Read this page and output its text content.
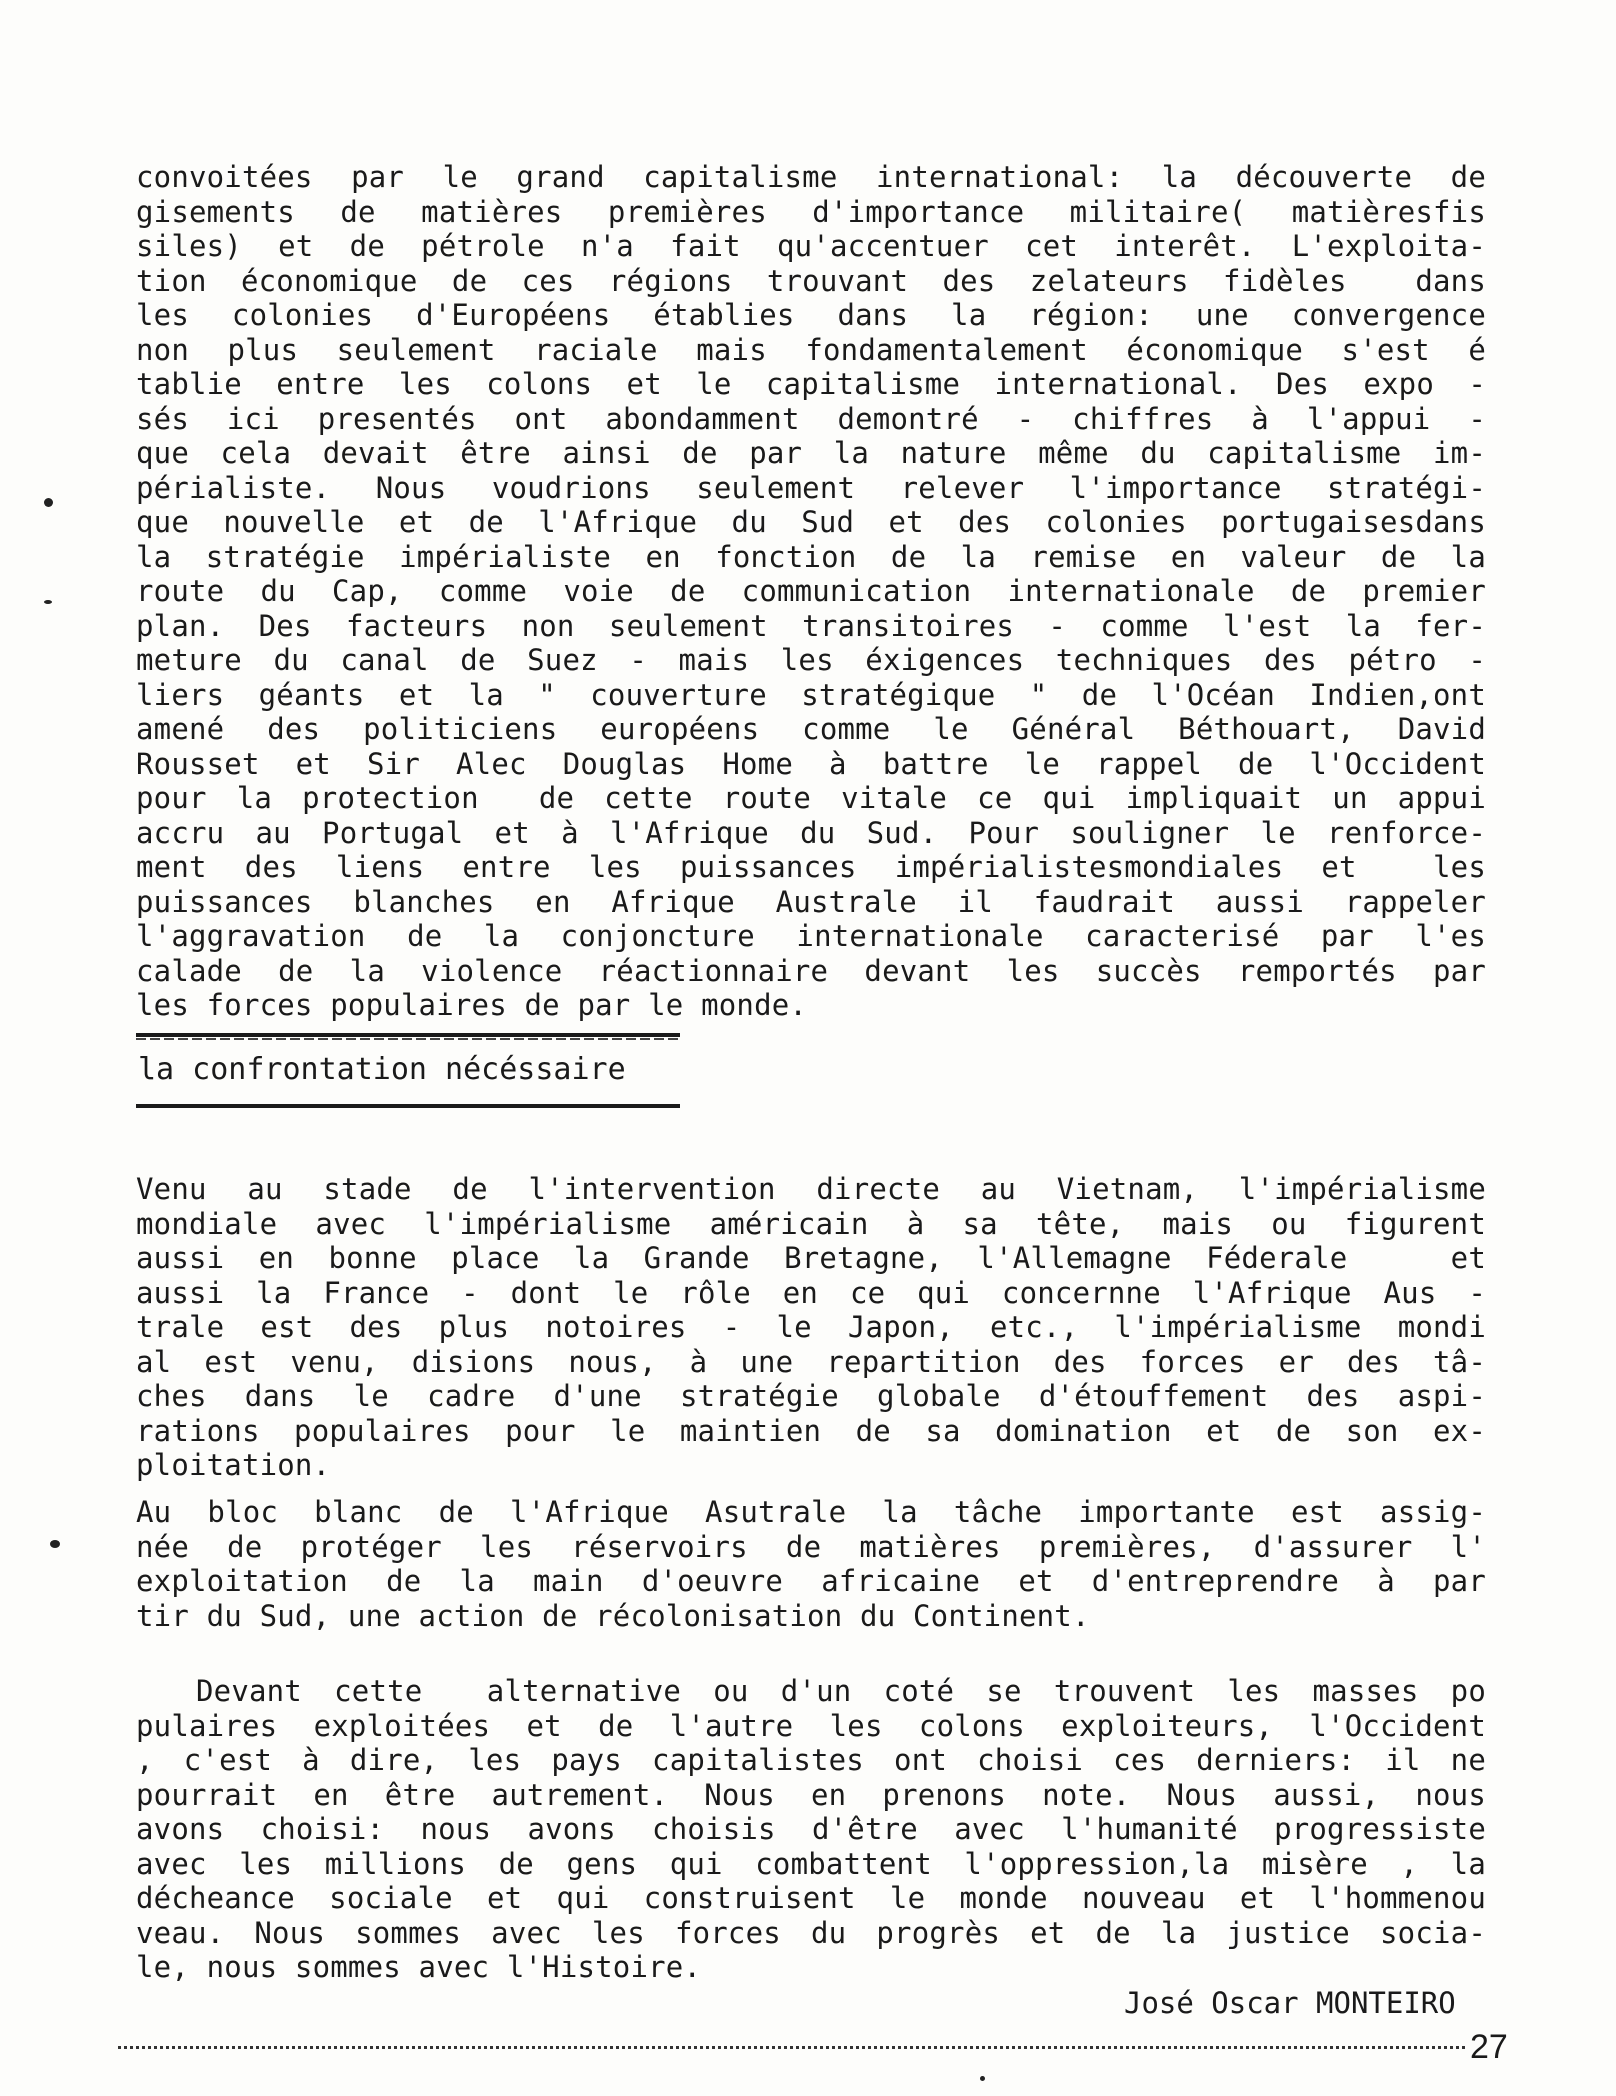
convoitées par le grand capitalisme international: la découverte de
gisements de matières premières d'importance militaire( matièresfis
siles) et de pétrole n'a fait qu'accentuer cet interêt. L'exploita-
tion économique de ces régions trouvant des zelateurs fidèles  dans
les colonies d'Européens établies dans la région: une convergence
non plus seulement raciale mais fondamentalement économique s'est é
tablie entre les colons et le capitalisme international. Des expo -
sés ici presentés ont abondamment demontré - chiffres à l'appui -
que cela devait être ainsi de par la nature même du capitalisme im-
périaliste. Nous voudrions seulement relever l'importance stratégi-
que nouvelle et de l'Afrique du Sud et des colonies portugaisesdans
la stratégie impérialiste en fonction de la remise en valeur de la
route du Cap, comme voie de communication internationale de premier
plan. Des facteurs non seulement transitoires - comme l'est la fer-
meture du canal de Suez - mais les éxigences techniques des pétro -
liers géants et la " couverture stratégique " de l'Océan Indien,ont
amené des politiciens européens comme le Général Béthouart, David
Rousset et Sir Alec Douglas Home à battre le rappel de l'Occident
pour la protection  de cette route vitale ce qui impliquait un appui
accru au Portugal et à l'Afrique du Sud. Pour souligner le renforce-
ment des liens entre les puissances impérialistesmondiales et  les
puissances blanches en Afrique Australe il faudrait aussi rappeler
l'aggravation de la conjoncture internationale caracterisé par l'es
calade de la violence réactionnaire devant les succès remportés par
les forces populaires de par le monde.
la confrontation nécéssaire
Venu au stade de l'intervention directe au Vietnam, l'impérialisme
mondiale avec l'impérialisme américain à sa tête, mais ou figurent
aussi en bonne place la Grande Bretagne, l'Allemagne Féderale   et
aussi la France - dont le rôle en ce qui concernne l'Afrique Aus -
trale est des plus notoires - le Japon, etc., l'impérialisme mondi
al est venu, disions nous, à une repartition des forces er des tâ-
ches dans le cadre d'une stratégie globale d'étouffement des aspi-
rations populaires pour le maintien de sa domination et de son ex-
ploitation.
Au bloc blanc de l'Afrique Asutrale la tâche importante est assig-
née de protéger les réservoirs de matières premières, d'assurer l'
exploitation de la main d'oeuvre africaine et d'entreprendre à par
tir du Sud, une action de récolonisation du Continent.
Devant cette  alternative ou d'un coté se trouvent les masses po
pulaires exploitées et de l'autre les colons exploiteurs, l'Occident
, c'est à dire, les pays capitalistes ont choisi ces derniers: il ne
pourrait en être autrement. Nous en prenons note. Nous aussi, nous
avons choisi: nous avons choisis d'être avec l'humanité progressiste
avec les millions de gens qui combattent l'oppression,la misère , la
décheance sociale et qui construisent le monde nouveau et l'hommenou
veau. Nous sommes avec les forces du progrès et de la justice socia-
le, nous sommes avec l'Histoire.
José Oscar MONTEIRO
27
